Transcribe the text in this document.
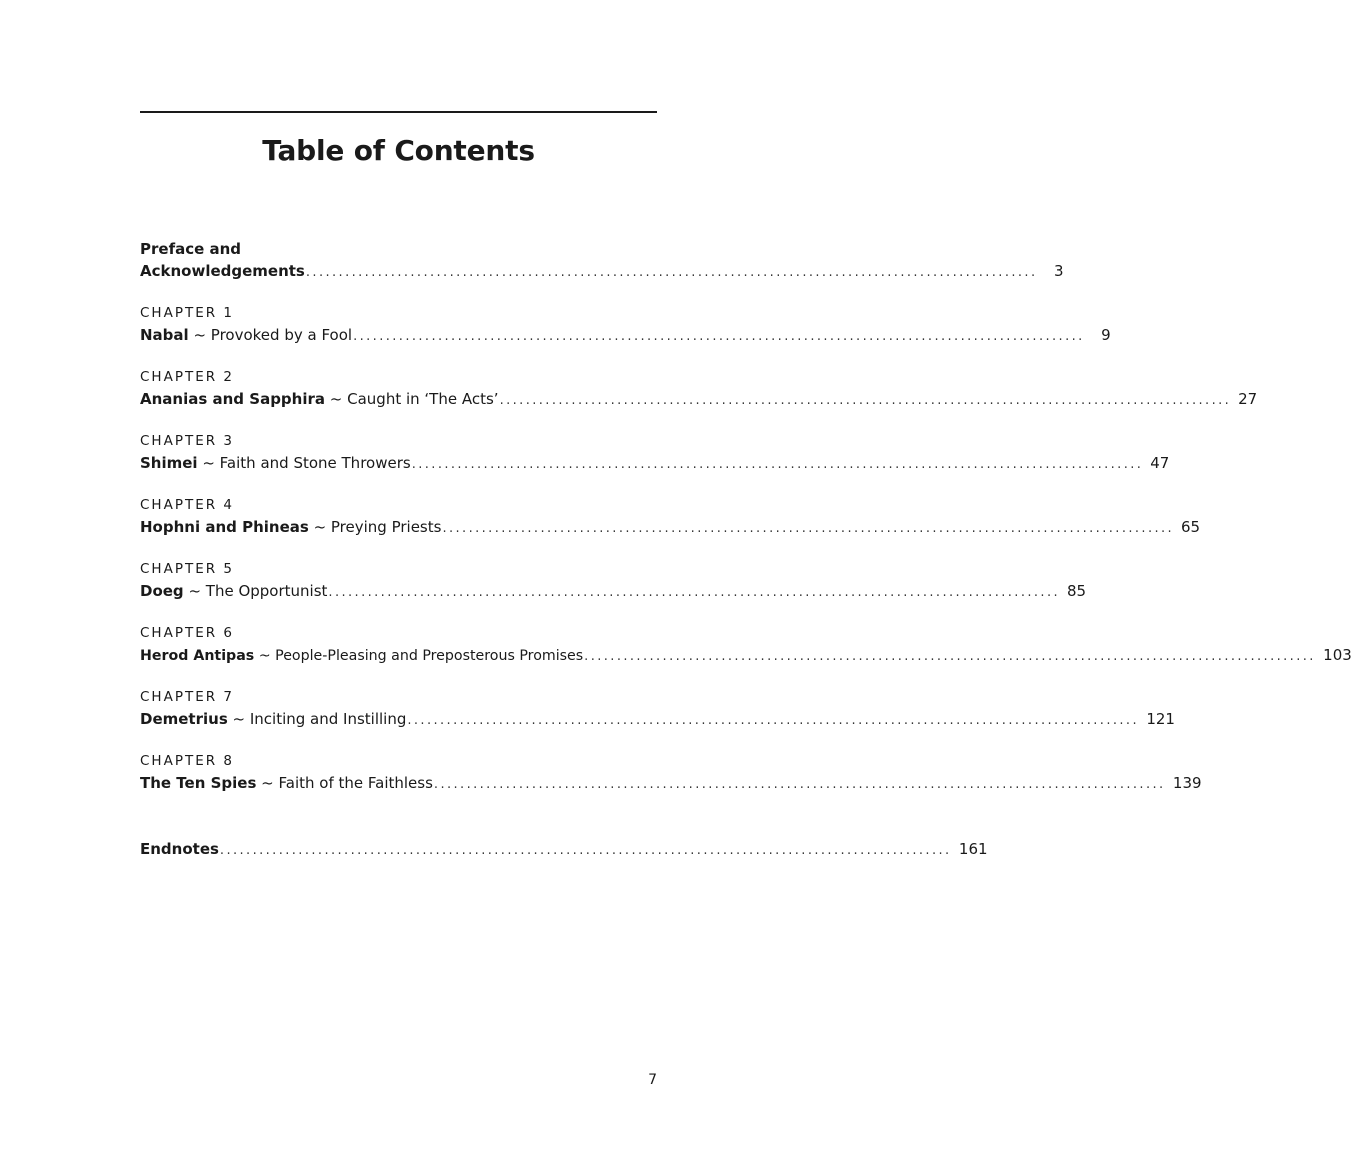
Table of Contents
Preface and
Acknowledgements ................................................................................................................	3
CHAPTER 1
Nabal ~ Provoked by a Fool ................................................................................................................	9
CHAPTER 2
Ananias and Sapphira ~ Caught in ‘The Acts’ ................................................................................................................ 27
CHAPTER 3
Shimei ~ Faith and Stone Throwers ................................................................................................................ 47
CHAPTER 4
Hophni and Phineas ~ Preying Priests ................................................................................................................ 65
CHAPTER 5
Doeg ~ The Opportunist ................................................................................................................ 85
CHAPTER 6
Herod Antipas ~ People-Pleasing and Preposterous Promises ................................................................................................................ 103
CHAPTER 7
Demetrius ~ Inciting and Instilling ................................................................................................................ 121
CHAPTER 8
The Ten Spies ~ Faith of the Faithless ................................................................................................................ 139
Endnotes ................................................................................................................ 161
7
